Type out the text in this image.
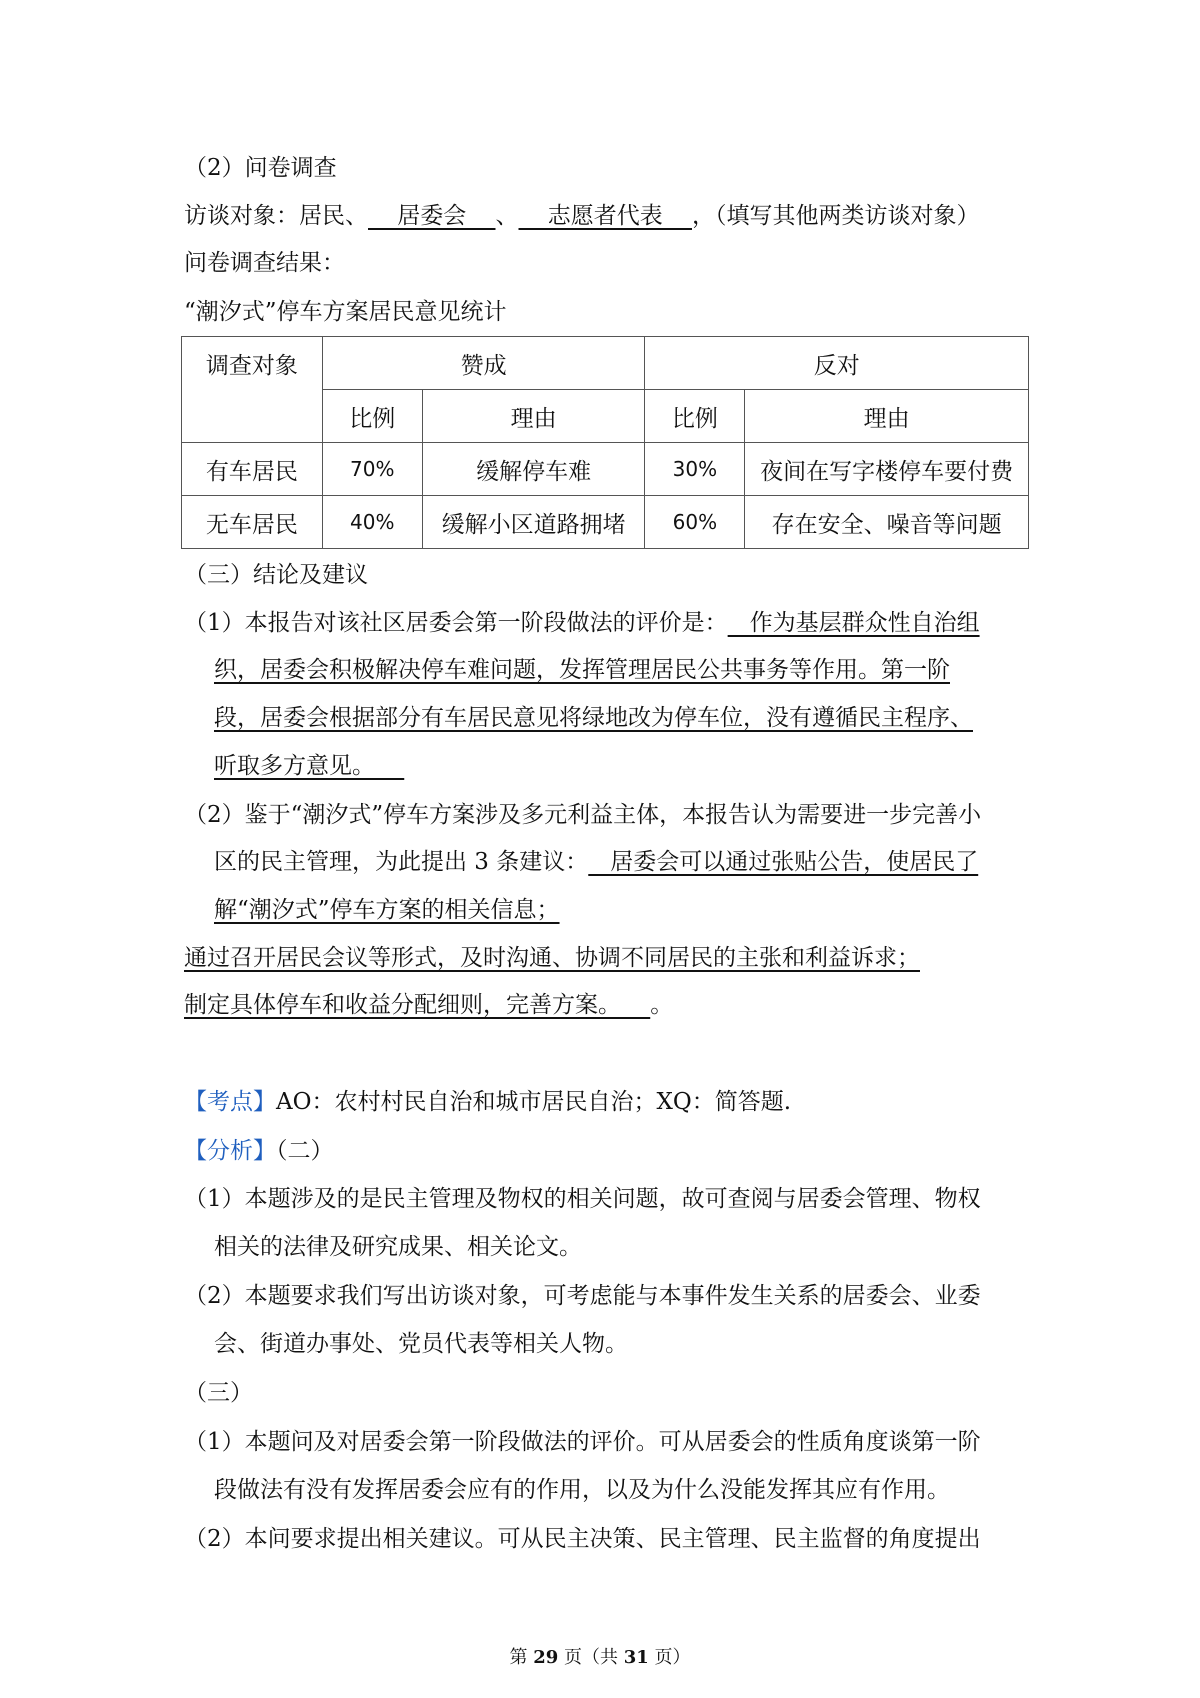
（2）问卷调查
访谈对象：居民、    居委会    、    志愿者代表    ，（填写其他两类访谈对象）
问卷调查结果：
“潮汐式”停车方案居民意见统计
调查对象	赞成		反对	
	比例	理由	比例	理由
有车居民	70%	缓解停车难	30%	夜间在写字楼停车要付费
无车居民	40%	缓解小区道路拥堵	60%	存在安全、噪音等问题
（三）结论及建议
（1）本报告对该社区居委会第一阶段做法的评价是：   作为基层群众性自治组
织，居委会积极解决停车难问题，发挥管理居民公共事务等作用。第一阶
段，居委会根据部分有车居民意见将绿地改为停车位，没有遵循民主程序、
听取多方意见。
（2）鉴于“潮汐式”停车方案涉及多元利益主体，本报告认为需要进一步完善小
区的民主管理，为此提出 3 条建议：   居委会可以通过张贴公告，使居民了
解“潮汐式”停车方案的相关信息；
通过召开居民会议等形式，及时沟通、协调不同居民的主张和利益诉求；
制定具体停车和收益分配细则，完善方案。    。
【考点】AO：农村村民自治和城市居民自治；XQ：简答题.
【分析】（二）
（1）本题涉及的是民主管理及物权的相关问题，故可查阅与居委会管理、物权
相关的法律及研究成果、相关论文。
（2）本题要求我们写出访谈对象，可考虑能与本事件发生关系的居委会、业委
会、街道办事处、党员代表等相关人物。
（三）
（1）本题问及对居委会第一阶段做法的评价。可从居委会的性质角度谈第一阶
段做法有没有发挥居委会应有的作用，以及为什么没能发挥其应有作用。
（2）本问要求提出相关建议。可从民主决策、民主管理、民主监督的角度提出
第 29 页（共 31 页）
